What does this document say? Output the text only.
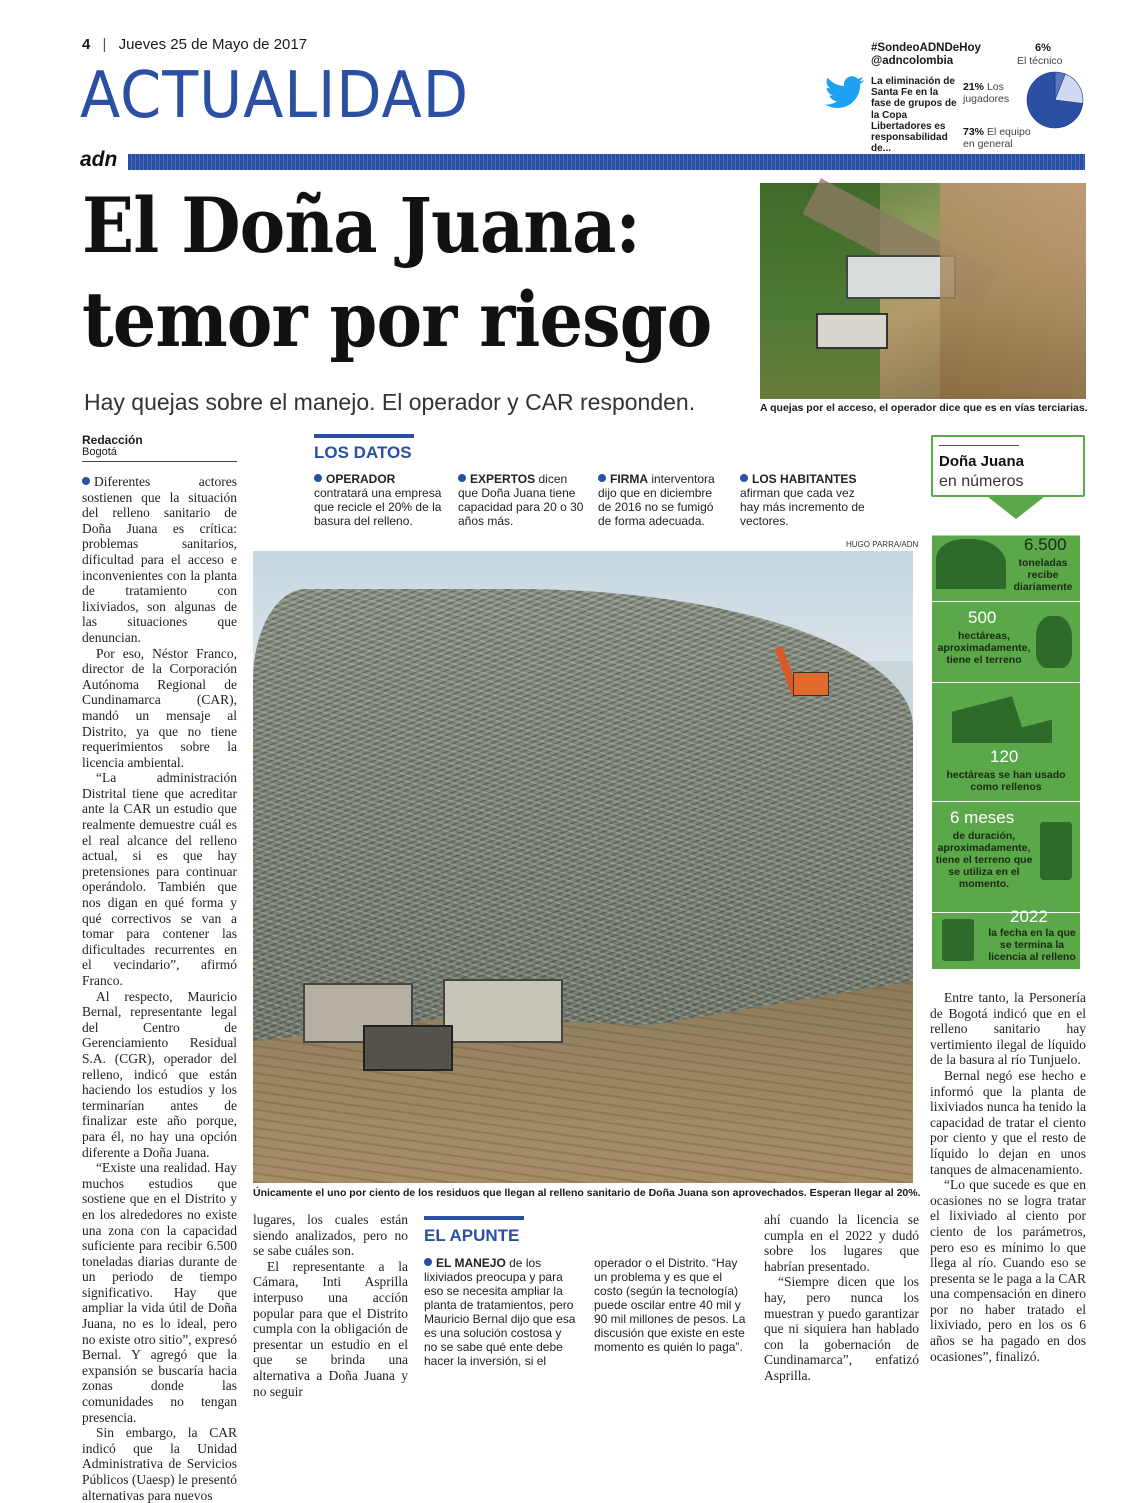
4 | Jueves 25 de Mayo de 2017
ACTUALIDAD
adn
#SondeoADNDeHoy
@adncolombia
La eliminación de Santa Fe en la fase de grupos de la Copa Libertadores es responsabilidad de...
6%
El técnico
21% Los jugadores
73% El equipo en general
El Doña Juana:
temor por riesgo
Hay quejas sobre el manejo. El operador y CAR responden.	A quejas por el acceso, el operador dice que es en vías terciarias.
Redacción
Bogotá

Diferentes actores sostienen que la situación del relleno sanitario de Doña Juana es crítica: problemas sanitarios, dificultad para el acceso e inconvenientes con la planta de tratamiento con lixiviados, son algunas de las situaciones que denuncian.

Por eso, Néstor Franco, director de la Corporación Autónoma Regional de Cundinamarca (CAR), mandó un mensaje al Distrito, ya que no tiene requerimientos sobre la licencia ambiental.

“La administración Distrital tiene que acreditar ante la CAR un estudio que realmente demuestre cuál es el real alcance del relleno actual, si es que hay pretensiones para continuar operándolo. También que nos digan en qué forma y qué correctivos se van a tomar para contener las dificultades recurrentes en el vecindario”, afirmó Franco.

Al respecto, Mauricio Bernal, representante legal del Centro de Gerenciamiento Residual S.A. (CGR), operador del relleno, indicó que están haciendo los estudios y los terminarían antes de finalizar este año porque, para él, no hay una opción diferente a Doña Juana.

“Existe una realidad. Hay muchos estudios que sostiene que en el Distrito y en los alrededores no existe una zona con la capacidad suficiente para recibir 6.500 toneladas diarias durante de un periodo de tiempo significativo. Hay que ampliar la vida útil de Doña Juana, no es lo ideal, pero no existe otro sitio”, expresó Bernal. Y agregó que la expansión se buscaría hacia zonas donde las comunidades no tengan presencia.

Sin embargo, la CAR indicó que la Unidad Administrativa de Servicios Públicos (Uaesp) le presentó alternativas para nuevos

LOS DATOS
OPERADOR contratará una empresa que recicle el 20% de la basura del relleno.
EXPERTOS dicen que Doña Juana tiene capacidad para 20 o 30 años más.
FIRMA interventora dijo que en diciembre de 2016 no se fumigó de forma adecuada.
LOS HABITANTES afirman que cada vez hay más incremento de vectores.
HUGO PARRA/ADN
Únicamente el uno por ciento de los residuos que llegan al relleno sanitario de Doña Juana son aprovechados. Esperan llegar al 20%.

lugares, los cuales están siendo analizados, pero no se sabe cuáles son.

El representante a la Cámara, Inti Asprilla interpuso una acción popular para que el Distrito cumpla con la obligación de presentar un estudio en el que se brinda una alternativa a Doña Juana y no seguir

EL APUNTE
EL MANEJO de los lixiviados preocupa y para eso se necesita ampliar la planta de tratamientos, pero Mauricio Bernal dijo que esa es una solución costosa y no se sabe qué ente debe hacer la inversión, si el
operador o el Distrito. “Hay un problema y es que el costo (según la tecnología) puede oscilar entre 40 mil y 90 mil millones de pesos. La discusión que existe en este momento es quién lo paga”.

ahí cuando la licencia se cumpla en el 2022 y dudó sobre los lugares que habrían presentado.

“Siempre dicen que los hay, pero nunca los muestran y puedo garantizar que ni siquiera han hablado con la gobernación de Cundinamarca”, enfatizó Asprilla.

Entre tanto, la Personería de Bogotá indicó que en el relleno sanitario hay vertimiento ilegal de líquido de la basura al río Tunjuelo.

Bernal negó ese hecho e informó que la planta de lixiviados nunca ha tenido la capacidad de tratar el ciento por ciento y que el resto de líquido lo dejan en unos tanques de almacenamiento.

“Lo que sucede es que en ocasiones no se logra tratar el lixiviado al ciento por ciento de los parámetros, pero eso es mínimo lo que llega al río. Cuando eso se presenta se le paga a la CAR una compensación en dinero por no haber tratado el lixiviado, pero en los os 6 años se ha pagado en dos ocasiones”, finalizó.

Doña Juana
en números
6.500
toneladas recibe diariamente
500
hectáreas, aproximadamente, tiene el terreno
120
hectáreas se han usado como rellenos
6 meses
de duración, aproximadamente, tiene el terreno que se utiliza en el momento.
2022
la fecha en la que se termina la licencia al relleno
